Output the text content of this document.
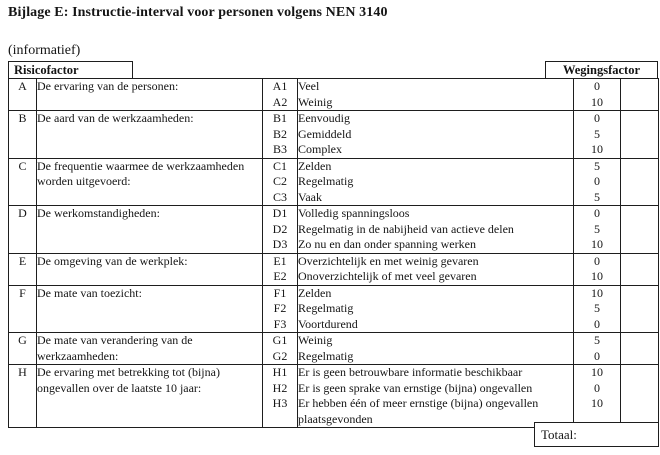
Bijlage E: Instructie-interval voor personen volgens NEN 3140
(informatief)
Risicofactor	Wegingsfactor
A	De ervaring van de personen:	A1	Veel	0	
		A2	Weinig	10	
B	De aard van de werkzaamheden:	B1	Eenvoudig	0	
		B2	Gemiddeld	5	
		B3	Complex	10	
C	De frequentie waarmee de werkzaamheden worden uitgevoerd:	C1	Zelden	5	
		C2	Regelmatig	0	
		C3	Vaak	5	
D	De werkomstandigheden:	D1	Volledig spanningsloos	0	
		D2	Regelmatig in de nabijheid van actieve delen	5	
		D3	Zo nu en dan onder spanning werken	10	
E	De omgeving van de werkplek:	E1	Overzichtelijk en met weinig gevaren	0	
		E2	Onoverzichtelijk of met veel gevaren	10	
F	De mate van toezicht:	F1	Zelden	10	
		F2	Regelmatig	5	
		F3	Voortdurend	0	
G	De mate van verandering van de werkzaamheden:	G1	Weinig	5	
		G2	Regelmatig	0	
H	De ervaring met betrekking tot (bijna) ongevallen over de laatste 10 jaar:	H1	Er is geen betrouwbare informatie beschikbaar	10	
		H2	Er is geen sprake van ernstige (bijna) ongevallen	0	
		H3	Er hebben één of meer ernstige (bijna) ongevallen plaatsgevonden	10	
Totaal:
